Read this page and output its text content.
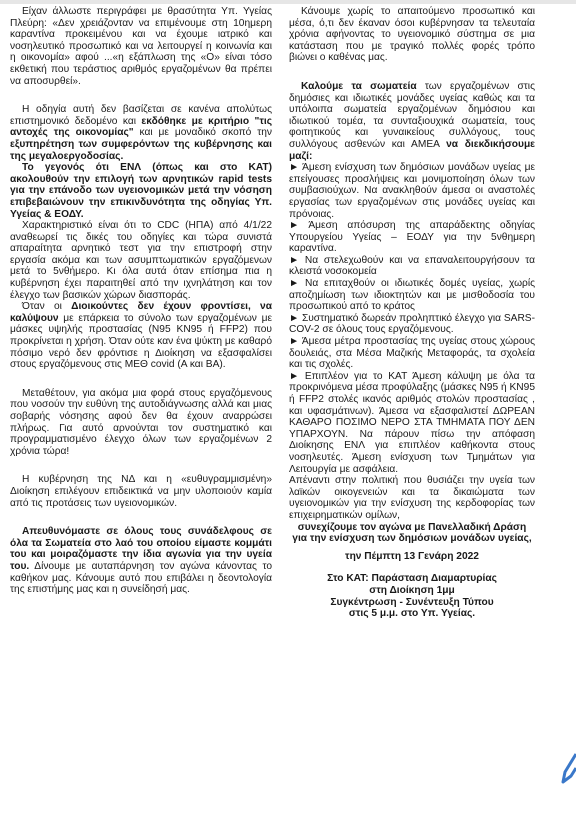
Είχαν άλλωστε περιγράφει με θρασύτητα Υπ. Υγείας Πλεύρη: «Δεν χρειάζονταν να επιμένουμε στη 10ημερη καραντίνα προκειμένου και να έχουμε ιατρικό και νοσηλευτικό προσωπικό και να λειτουργεί η κοινωνία και η οικονομία» αφού ...«η εξάπλωση της «Ο» είναι τόσο εκθετική που τεράστιος αριθμός εργαζομένων θα πρέπει να αποσυρθεί».

Η οδηγία αυτή δεν βασίζεται σε κανένα απολύτως επιστημονικό δεδομένο και εκδόθηκε με κριτήριο "τις αντοχές της οικονομίας" και με μοναδικό σκοπό την εξυπηρέτηση των συμφερόντων της κυβέρνησης και της μεγαλοεργοδοσίας.

Το γεγονός ότι ΕΝΛ (όπως και στο ΚΑΤ) ακολουθούν την επιλογή των αρνητικών rapid tests για την επάνοδο των υγειονομικών μετά την νόσηση επιβεβαιώνουν την επικινδυνότητα της οδηγίας Υπ. Υγείας & ΕΟΔΥ.

Χαρακτηριστικό είναι ότι το CDC (ΗΠΑ) από 4/1/22 αναθεωρεί τις δικές του οδηγίες και τώρα συνιστά απαραίτητα αρνητικό τεστ για την επιστροφή στην εργασία ακόμα και των ασυμπτωματικών εργαζόμενων μετά το 5νθήμερο. Κι όλα αυτά όταν επίσημα πια η κυβέρνηση έχει παραιτηθεί από την ιχνηλάτηση και τον έλεγχο των βασικών χώρων διασποράς.

Όταν οι Διοικούντες δεν έχουν φροντίσει, να καλύψουν με επάρκεια το σύνολο των εργαζομένων με μάσκες υψηλής προστασίας (Ν95 ΚΝ95 ή FFP2) που προκρίνεται η χρήση. Όταν ούτε καν ένα ψύκτη με καθαρό πόσιμο νερό δεν φρόντισε η Διοίκηση να εξασφαλίσει στους εργαζόμενους στις ΜΕΘ covid (Α και ΒΑ).

Μεταθέτουν, για ακόμα μια φορά στους εργαζόμενους που νοσούν την ευθύνη της αυτοδιάγνωσης αλλά και μιας σοβαρής νόσησης αφού δεν θα έχουν αναρρώσει πλήρως. Για αυτό αρνούνται τον συστηματικό και προγραμματισμένο έλεγχο όλων των εργαζομένων 2 χρόνια τώρα!

Η κυβέρνηση της ΝΔ και η «ευθυγραμμισμένη» Διοίκηση επιλέγουν επιδεικτικά να μην υλοποιούν καμία από τις προτάσεις των υγειονομικών.

Απευθυνόμαστε σε όλους τους συνάδελφους σε όλα τα Σωματεία στο λαό του οποίου είμαστε κομμάτι του και μοιραζόμαστε την ίδια αγωνία για την υγεία του. Δίνουμε με αυταπάρνηση τον αγώνα κάνοντας το καθήκον μας. Κάνουμε αυτό που επιβάλει η δεοντολογία της επιστήμης μας και η συνείδησή μας.

Κάνουμε χωρίς το απαιτούμενο προσωπικό και μέσα, ό,τι δεν έκαναν όσοι κυβέρνησαν τα τελευταία χρόνια αφήνοντας το υγειονομικό σύστημα σε μια κατάσταση που με τραγικό πολλές φορές τρόπο βιώνει ο καθένας μας.

Καλούμε τα σωματεία των εργαζομένων στις δημόσιες και ιδιωτικές μονάδες υγείας καθώς και τα υπόλοιπα σωματεία εργαζομένων δημόσιου και ιδιωτικού τομέα, τα συνταξιουχικά σωματεία, τους φοιτητικούς και γυναικείους συλλόγους, τους συλλόγους ασθενών και ΑΜΕΑ να διεκδικήσουμε μαζί:

► Άμεση ενίσχυση των δημόσιων μονάδων υγείας με επείγουσες προσλήψεις και μονιμοποίηση όλων των συμβασιούχων. Να ανακληθούν άμεσα οι αναστολές εργασίας των εργαζομένων στις μονάδες υγείας και πρόνοιας.

► Άμεση απόσυρση της απαράδεκτης οδηγίας Υπουργείου Υγείας – ΕΟΔΥ για την 5νθημερη καραντίνα.

► Να στελεχωθούν και να επαναλειτουργήσουν τα κλειστά νοσοκομεία

► Να επιταχθούν οι ιδιωτικές δομές υγείας, χωρίς αποζημίωση των ιδιοκτητών και με μισθοδοσία του προσωπικού από το κράτος

► Συστηματικό δωρεάν προληπτικό έλεγχο για SARS-COV-2 σε όλους τους εργαζόμενους.

► Άμεσα μέτρα προστασίας της υγείας στους χώρους δουλειάς, στα Μέσα Μαζικής Μεταφοράς, τα σχολεία και τις σχολές.

► Επιπλέον για το ΚΑΤ Άμεση κάλυψη με όλα τα προκρινόμενα μέσα προφύλαξης (μάσκες Ν95 ή ΚΝ95 ή FFP2 στολές ικανός αριθμός στολών προστασίας , και υφασμάτινων). Άμεσα να εξασφαλιστεί ΔΩΡΕΑΝ ΚΑΘΑΡΟ ΠΟΣΙΜΟ ΝΕΡΟ ΣΤΑ ΤΜΗΜΑΤΑ ΠΟΥ ΔΕΝ ΥΠΑΡΧΟΥΝ. Να πάρουν πίσω την απόφαση Διοίκησης ΕΝΛ για επιπλέον καθήκοντα στους νοσηλευτές. Άμεση ενίσχυση των Τμημάτων για Λειτουργία με ασφάλεια.

Απέναντι στην πολιτική που θυσιάζει την υγεία των λαϊκών οικογενειών και τα δικαιώματα των υγειονομικών για την ενίσχυση της κερδοφορίας των επιχειρηματικών ομίλων,

συνεχίζουμε τον αγώνα με Πανελλαδική Δράση για την ενίσχυση των δημόσιων μονάδων υγείας,

την Πέμπτη 13 Γενάρη 2022

Στο ΚΑΤ: Παράσταση Διαμαρτυρίας

στη Διοίκηση 1μμ

Συγκέντρωση - Συνέντευξη Τύπου

στις 5 μ.μ. στο Υπ. Υγείας.
